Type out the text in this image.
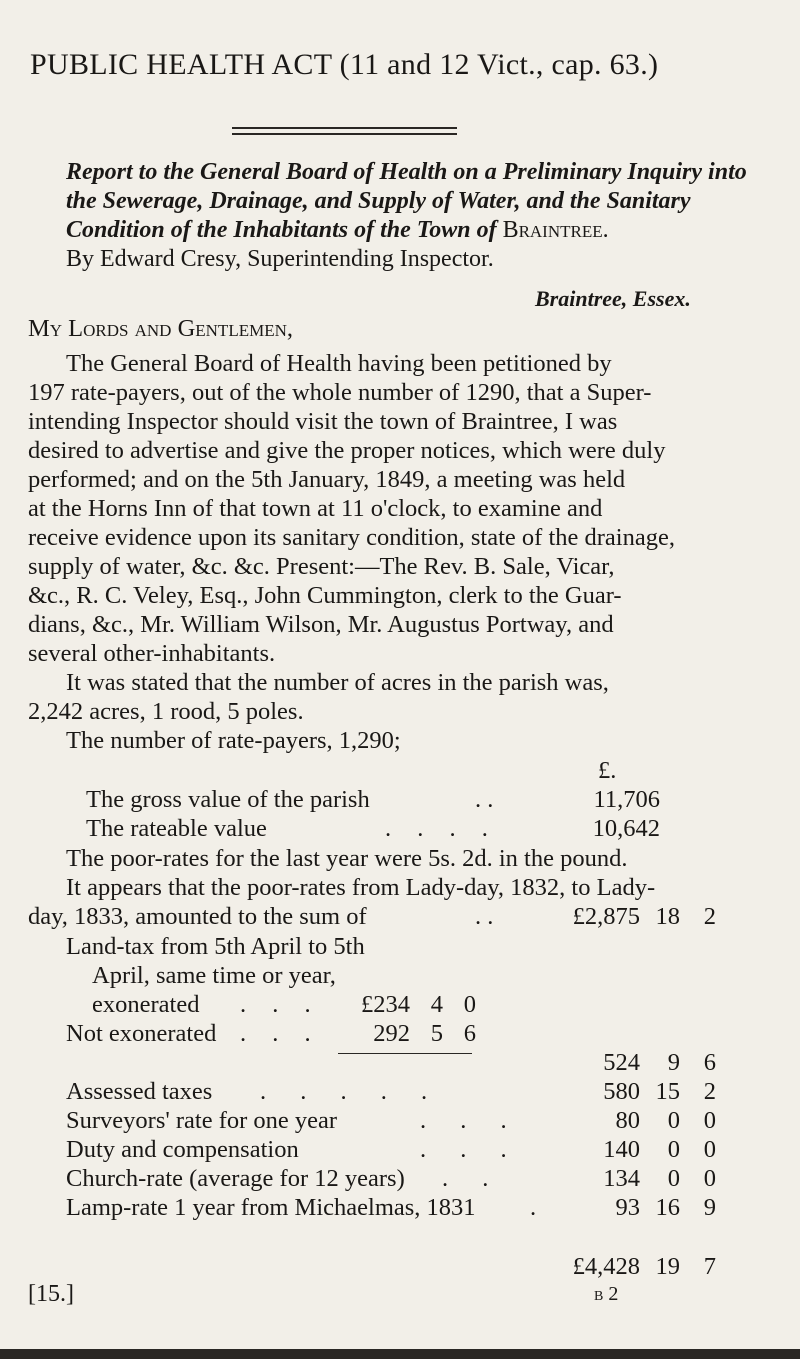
PUBLIC HEALTH ACT (11 and 12 Vict., cap. 63.)
Report to the General Board of Health on a Preliminary Inquiry into the Sewerage, Drainage, and Supply of Water, and the Sanitary Condition of the Inhabitants of the Town of Braintree.
By Edward Cresy, Superintending Inspector.
Braintree, Essex.
My Lords and Gentlemen,
The General Board of Health having been petitioned by
197 rate-payers, out of the whole number of 1290, that a Super-
intending Inspector should visit the town of Braintree, I was
desired to advertise and give the proper notices, which were duly
performed; and on the 5th January, 1849, a meeting was held
at the Horns Inn of that town at 11 o'clock, to examine and
receive evidence upon its sanitary condition, state of the drainage,
supply of water, &c. &c. Present:—The Rev. B. Sale, Vicar,
&c., R. C. Veley, Esq., John Cummington, clerk to the Guar-
dians, &c., Mr. William Wilson, Mr. Augustus Portway, and
several other-inhabitants.
It was stated that the number of acres in the parish was,
2,242 acres, 1 rood, 5 poles.
The number of rate-payers, 1,290;
£.
The gross value of the parish	. .	11,706
The rateable value	. . . .	10,642
The poor-rates for the last year were 5s. 2d. in the pound.
It appears that the poor-rates from Lady-day, 1832, to Lady-
day, 1833, amounted to the sum of	. .	£2,875 18 2
Land-tax from 5th April to 5th
April, same time or year,
exonerated . . .	£234 4 0
Not exonerated . . .	292 5 6
524	9 6
Assessed taxes . . . . .	580 15 2
Surveyors' rate for one year	. . .	80	0 0
Duty and compensation	. . .	140	0 0
Church-rate (average for 12 years) . .	134	0 0
Lamp-rate 1 year from Michaelmas, 1831 .	93 16 9
£4,428 19 7
[15.]	b 2
